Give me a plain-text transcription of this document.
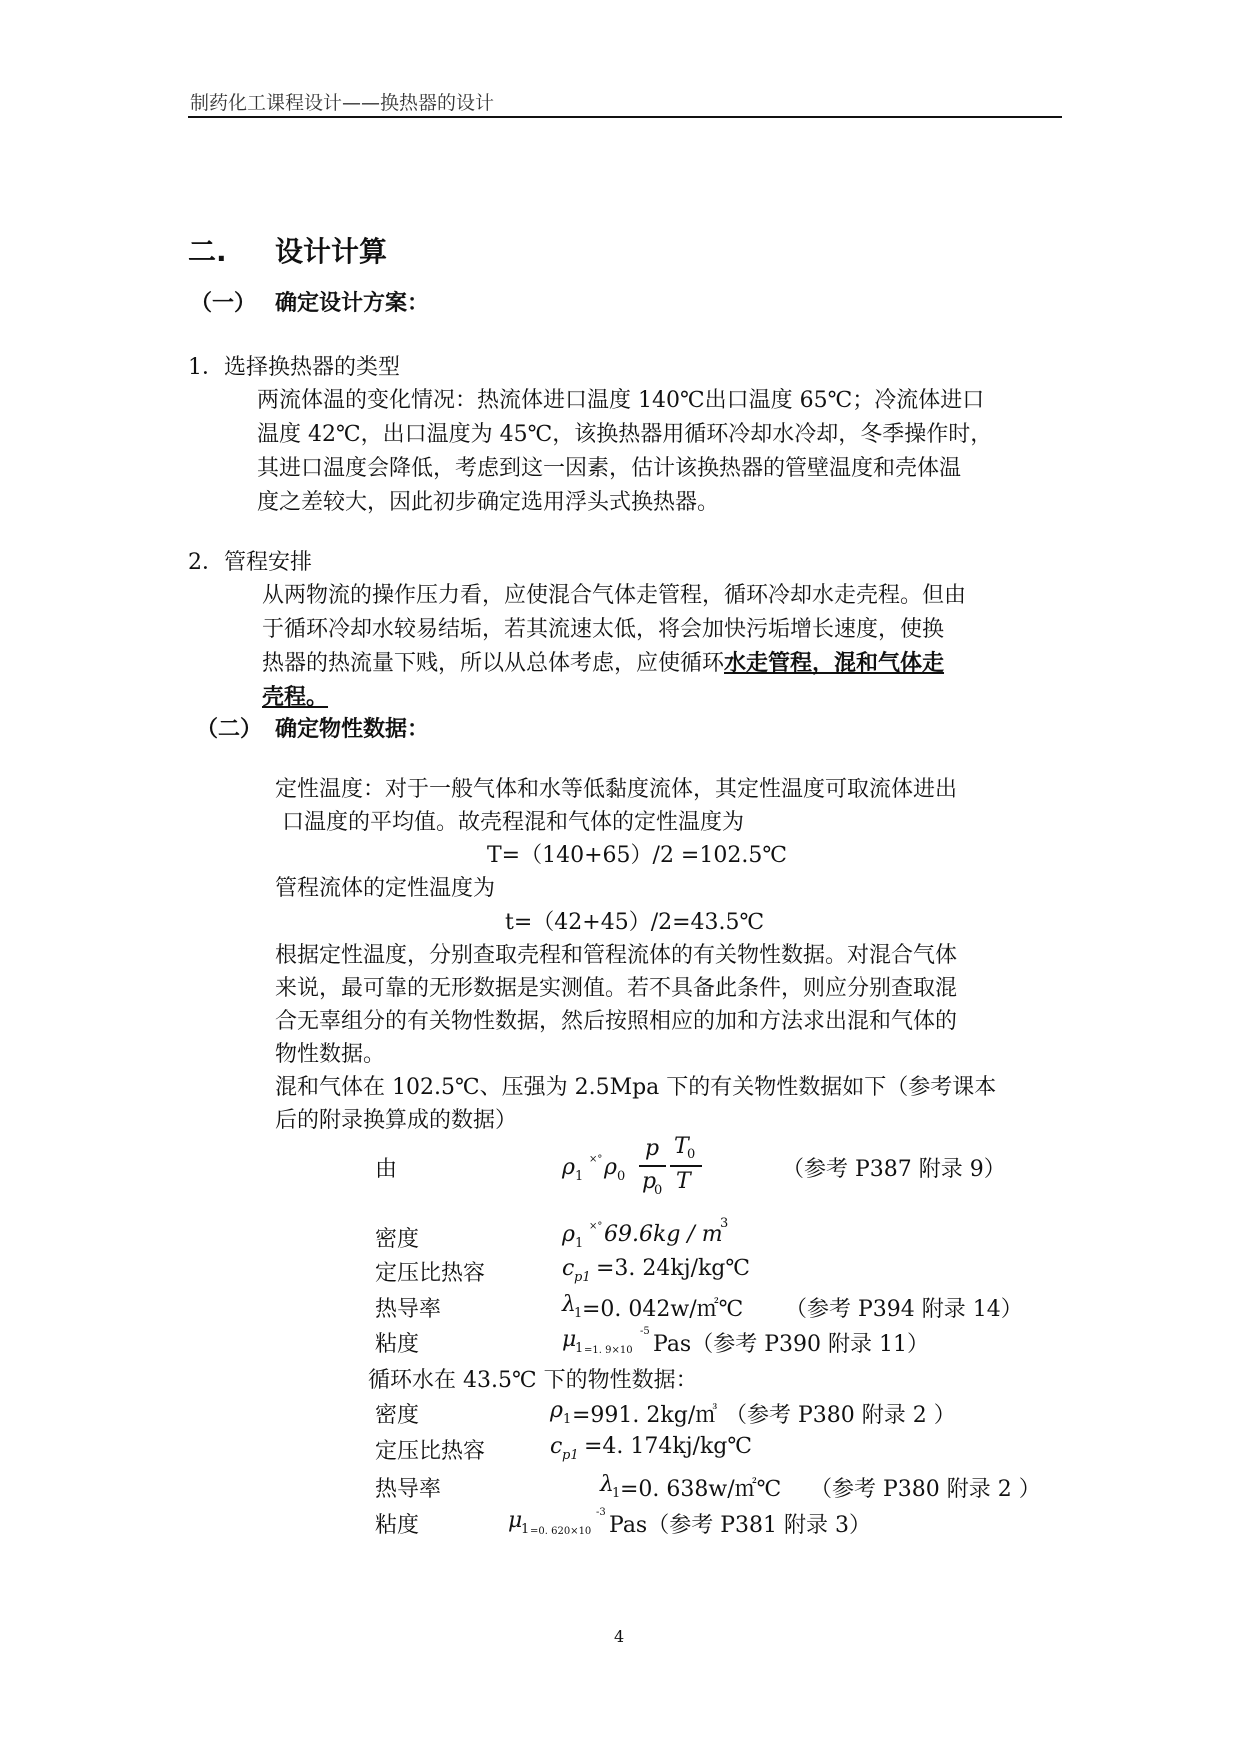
制药化工课程设计——换热器的设计
二. 设计计算
（一） 确定设计方案：
1．选择换热器的类型
两流体温的变化情况：热流体进口温度 140℃出口温度 65℃；冷流体进口
温度 42℃，出口温度为 45℃，该换热器用循环冷却水冷却，冬季操作时，
其进口温度会降低，考虑到这一因素，估计该换热器的管壁温度和壳体温
度之差较大，因此初步确定选用浮头式换热器。
2．管程安排
从两物流的操作压力看，应使混合气体走管程，循环冷却水走壳程。但由
于循环冷却水较易结垢，若其流速太低，将会加快污垢增长速度，使换
热器的热流量下贱，所以从总体考虑，应使循环水走管程，混和气体走
壳程。
（二） 确定物性数据：
定性温度：对于一般气体和水等低黏度流体，其定性温度可取流体进出
口温度的平均值。故壳程混和气体的定性温度为
T=（140+65）/2 =102.5℃
管程流体的定性温度为
t=（42+45）/2=43.5℃
根据定性温度，分别查取壳程和管程流体的有关物性数据。对混合气体
来说，最可靠的无形数据是实测值。若不具备此条件，则应分别查取混
合无辜组分的有关物性数据，然后按照相应的加和方法求出混和气体的
物性数据。
混和气体在 102.5℃、压强为 2.5Mpa 下的有关物性数据如下（参考课本
后的附录换算成的数据）
由	ρ 1
×° ρ 0
p
p
0
T
0
T	（参考 P387 附录 9）
密度	ρ 1
×° 69.6kg / m
3
定压比热容	c p1 =3. 24kj/kg℃
热导率	λ
1 =0. 042w/㎡℃ （参考 P394 附录 14）
粘度	μ
1 =1. 9×10
-5
Pas（参考 P390 附录 11）
循环水在 43.5℃ 下的物性数据：
密度	ρ 1 =991. 2kg/㎥ （参考 P380 附录 2 ）
定压比热容	c p1 =4. 174kj/kg℃
热导率	λ
1 =0. 638w/㎡℃ （参考 P380 附录 2 ）
粘度	μ
1 =0. 620×10
-3
Pas（参考 P381 附录 3）
4
